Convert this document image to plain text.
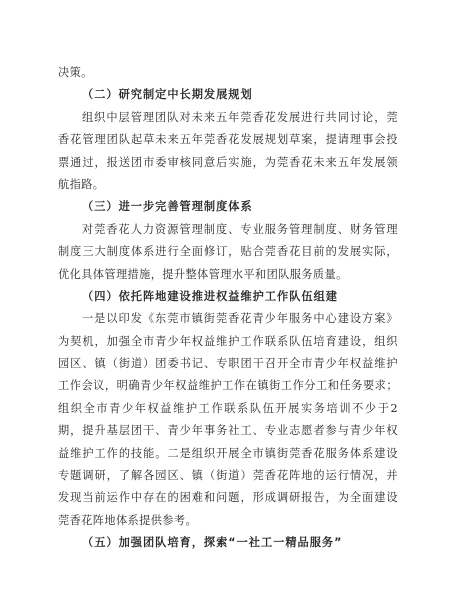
决策。
（二）研究制定中长期发展规划
组织中层管理团队对未来五年莞香花发展进行共同讨论，莞
香花管理团队起草未来五年莞香花发展规划草案，提请理事会投
票通过，报送团市委审核同意后实施，为莞香花未来五年发展领
航指路。
（三）进一步完善管理制度体系
对莞香花人力资源管理制度、专业服务管理制度、财务管理
制度三大制度体系进行全面修订，贴合莞香花目前的发展实际，
优化具体管理措施，提升整体管理水平和团队服务质量。
（四）依托阵地建设推进权益维护工作队伍组建
一是以印发《东莞市镇街莞香花青少年服务中心建设方案》
为契机，加强全市青少年权益维护工作联系队伍培育建设，组织
园区、镇（街道）团委书记、专职团干召开全市青少年权益维护
工作会议，明确青少年权益维护工作在镇街工作分工和任务要求；
组织全市青少年权益维护工作联系队伍开展实务培训不少于2
期，提升基层团干、青少年事务社工、专业志愿者参与青少年权
益维护工作的技能。二是组织开展全市镇街莞香花服务体系建设
专题调研，了解各园区、镇（街道）莞香花阵地的运行情况，并
发现当前运作中存在的困难和问题，形成调研报告，为全面建设
莞香花阵地体系提供参考。
（五）加强团队培育，探索“一社工一精品服务”
